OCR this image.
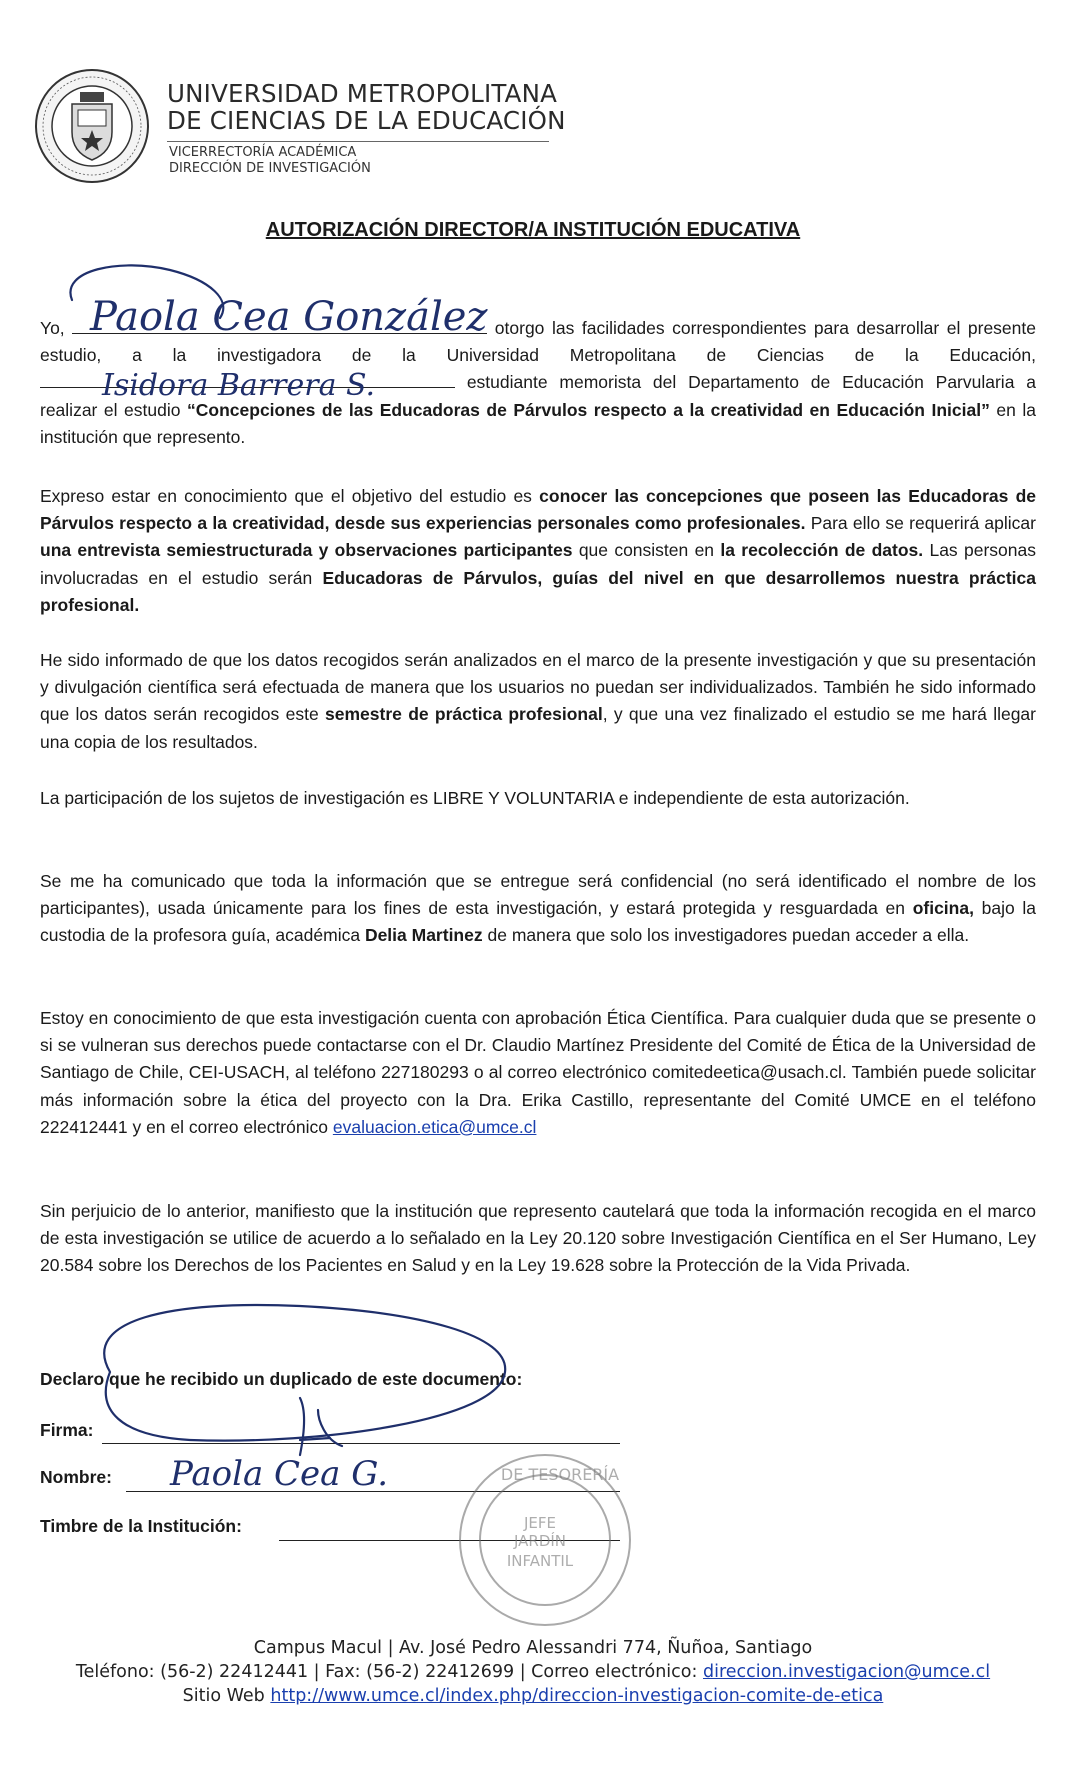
UNIVERSIDAD METROPOLITANA
DE CIENCIAS DE LA EDUCACIÓN
VICERRECTORÍA ACADÉMICA
DIRECCIÓN DE INVESTIGACIÓN
AUTORIZACIÓN DIRECTOR/A INSTITUCIÓN EDUCATIVA

Yo,	otorgo las facilidades correspondientes para desarrollar el presente estudio, a la investigadora de la Universidad Metropolitana de Ciencias de la Educación,  estudiante memorista del Departamento de Educación Parvularia a realizar el estudio “Concepciones de las Educadoras de Párvulos respecto a la creatividad en Educación Inicial” en la institución que represento.

Expreso estar en conocimiento que el objetivo del estudio es conocer las concepciones que poseen las Educadoras de Párvulos respecto a la creatividad, desde sus experiencias personales como profesionales. Para ello se requerirá aplicar una entrevista semiestructurada y observaciones participantes que consisten en la recolección de datos. Las personas involucradas en el estudio serán Educadoras de Párvulos, guías del nivel en que desarrollemos nuestra práctica profesional.

He sido informado de que los datos recogidos serán analizados en el marco de la presente investigación y que su presentación y divulgación científica será efectuada de manera que los usuarios no puedan ser individualizados. También he sido informado que los datos serán recogidos este semestre de práctica profesional, y que una vez finalizado el estudio se me hará llegar una copia de los resultados.

La participación de los sujetos de investigación es LIBRE Y VOLUNTARIA e independiente de esta autorización.

Se me ha comunicado que toda la información que se entregue será confidencial (no será identificado el nombre de los participantes), usada únicamente para los fines de esta investigación, y estará protegida y resguardada en oficina, bajo la custodia de la profesora guía, académica Delia Martinez de manera que solo los investigadores puedan acceder a ella.

Estoy en conocimiento de que esta investigación cuenta con aprobación Ética Científica. Para cualquier duda que se presente o si se vulneran sus derechos puede contactarse con el Dr. Claudio Martínez Presidente del Comité de Ética de la Universidad de Santiago de Chile, CEI-USACH, al teléfono 227180293 o al correo electrónico comitedeetica@usach.cl. También puede solicitar más información sobre la ética del proyecto con la Dra. Erika Castillo, representante del Comité UMCE en el teléfono 222412441 y en el correo electrónico evaluacion.etica@umce.cl

Sin perjuicio de lo anterior, manifiesto que la institución que represento cautelará que toda la información recogida en el marco de esta investigación se utilice de acuerdo a lo señalado en la Ley 20.120 sobre Investigación Científica en el Ser Humano, Ley 20.584 sobre los Derechos de los Pacientes en Salud y en la Ley 19.628 sobre la Protección de la Vida Privada.

Declaro que he recibido un duplicado de este documento:
Firma:
Nombre:
Timbre de la Institución:
Paola Cea González
Isidora Barrera S.
Paola Cea G.	DE TESORERÍA
JEFE
JARDÍN
INFANTIL
Campus Macul | Av. José Pedro Alessandri 774, Ñuñoa, Santiago
Teléfono: (56-2) 22412441 | Fax: (56-2) 22412699 | Correo electrónico: direccion.investigacion@umce.cl
Sitio Web http://www.umce.cl/index.php/direccion-investigacion-comite-de-etica
